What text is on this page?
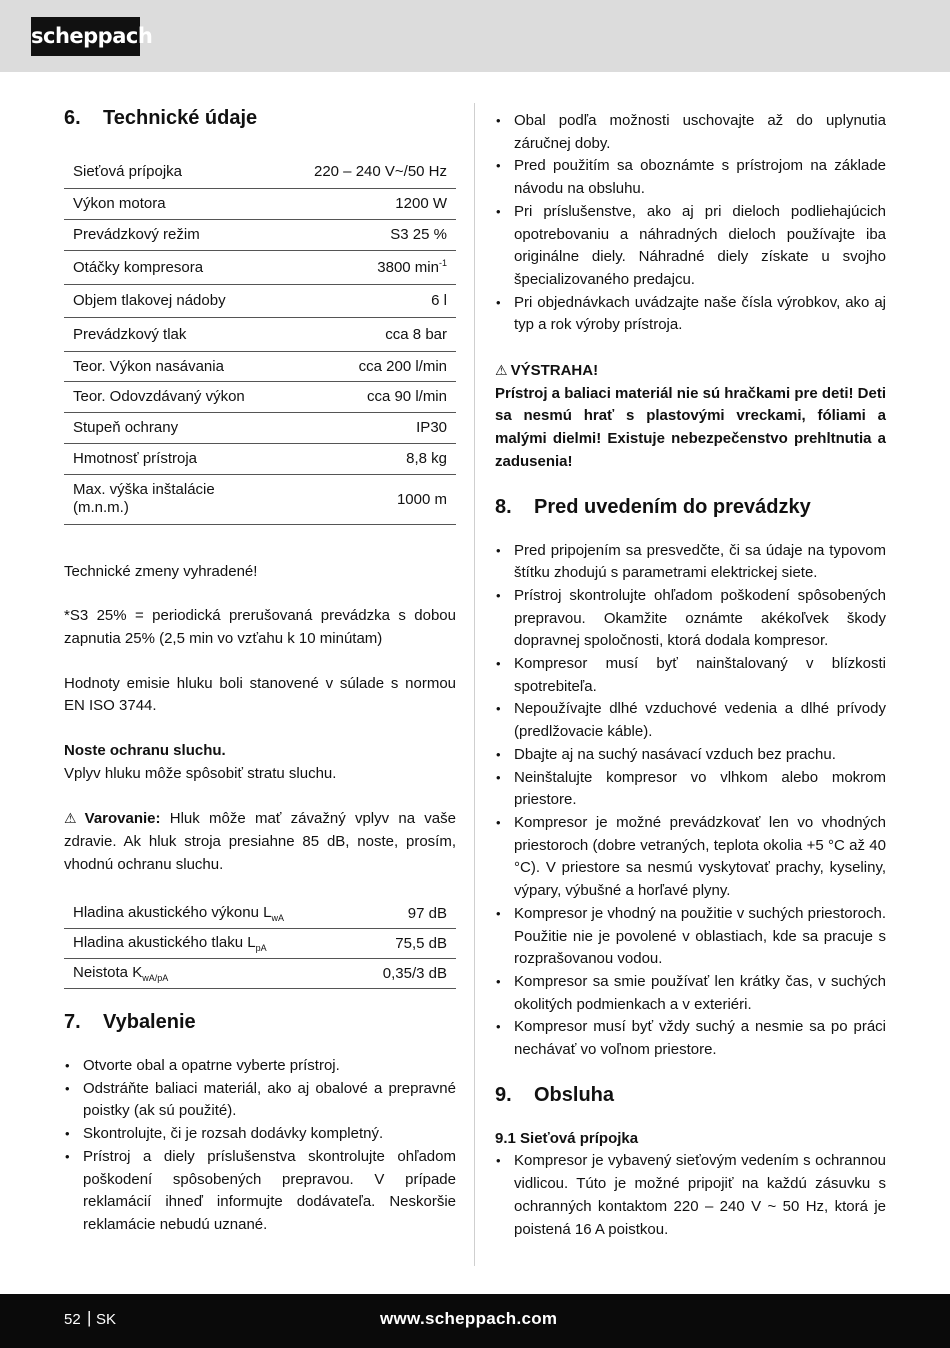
scheppach
6.	Technické údaje
Sieťová prípojka	220 – 240 V~/50 Hz
Výkon motora	1200 W
Prevádzkový režim	S3 25 %
Otáčky kompresora	3800 $\min^{-1}$
Objem tlakovej nádoby	6 l
Prevádzkový tlak	cca 8 bar
Teor. Výkon nasávania	cca 200 l/min
Teor. Odovzdávaný výkon	cca 90 l/min
Stupeň ochrany	IP30
Hmotnosť prístroja	8,8 kg
Max. výška inštalácie (m.n.m.)	1000 m

Technické zmeny vyhradené!

*S3 25% = periodická prerušovaná prevádzka s dobou zapnutia 25% (2,5 min vo vzťahu k 10 minútam)

Hodnoty emisie hluku boli stanovené v súlade s normou EN ISO 3744.

Noste ochranu sluchu.

Vplyv hluku môže spôsobiť stratu sluchu.

⚠ Varovanie: Hluk môže mať závažný vplyv na vaše zdravie. Ak hluk stroja presiahne 85 dB, noste, prosím, vhodnú ochranu sluchu.

Hladina akustického výkonu $L_{wA}$	97 dB
Hladina akustického tlaku $L_{pA}$	75,5 dB
Neistota $K_{wA/pA}$	0,35/3 dB
7.	Vybalenie
• Otvorte obal a opatrne vyberte prístroj.
• Odstráňte baliaci materiál, ako aj obalové a prepravné poistky (ak sú použité).
• Skontrolujte, či je rozsah dodávky kompletný.
• Prístroj a diely príslušenstva skontrolujte ohľadom poškodení spôsobených prepravou. V prípade reklamácií ihneď informujte dodávateľa. Neskoršie reklamácie nebudú uznané.
• Obal podľa možnosti uschovajte až do uplynutia záručnej doby.
• Pred použitím sa oboznámte s prístrojom na základe návodu na obsluhu.
• Pri príslušenstve, ako aj pri dieloch podliehajúcich opotrebovaniu a náhradných dieloch používajte iba originálne diely. Náhradné diely získate u svojho špecializovaného predajcu.
• Pri objednávkach uvádzajte naše čísla výrobkov, ako aj typ a rok výroby prístroja.

⚠ VÝSTRAHA!

Prístroj a baliaci materiál nie sú hračkami pre deti! Deti sa nesmú hrať s plastovými vreckami, fóliami a malými dielmi! Existuje nebezpečenstvo prehltnutia a zadusenia!

8.	Pred uvedením do prevádzky
• Pred pripojením sa presvedčte, či sa údaje na typovom štítku zhodujú s parametrami elektrickej siete.
• Prístroj skontrolujte ohľadom poškodení spôsobených prepravou. Okamžite oznámte akékoľvek škody dopravnej spoločnosti, ktorá dodala kompresor.
• Kompresor musí byť nainštalovaný v blízkosti spotrebiteľa.
• Nepoužívajte dlhé vzduchové vedenia a dlhé prívody (predlžovacie káble).
• Dbajte aj na suchý nasávací vzduch bez prachu.
• Neinštalujte kompresor vo vlhkom alebo mokrom priestore.
• Kompresor je možné prevádzkovať len vo vhodných priestoroch (dobre vetraných, teplota okolia +5 °C až 40 °C). V priestore sa nesmú vyskytovať prachy, kyseliny, výpary, výbušné a horľavé plyny.
• Kompresor je vhodný na použitie v suchých priestoroch. Použitie nie je povolené v oblastiach, kde sa pracuje s rozprašovanou vodou.
• Kompresor sa smie používať len krátky čas, v suchých okolitých podmienkach a v exteriéri.
• Kompresor musí byť vždy suchý a nesmie sa po práci nechávať vo voľnom priestore.
9.	Obsluha

9.1 Sieťová prípojka

• Kompresor je vybavený sieťovým vedením s ochrannou vidlicou. Túto je možné pripojiť na každú zásuvku s ochranných kontaktom 220 – 240 V ~ 50 Hz, ktorá je poistená 16 A poistkou.
52 | SK	www.scheppach.com
